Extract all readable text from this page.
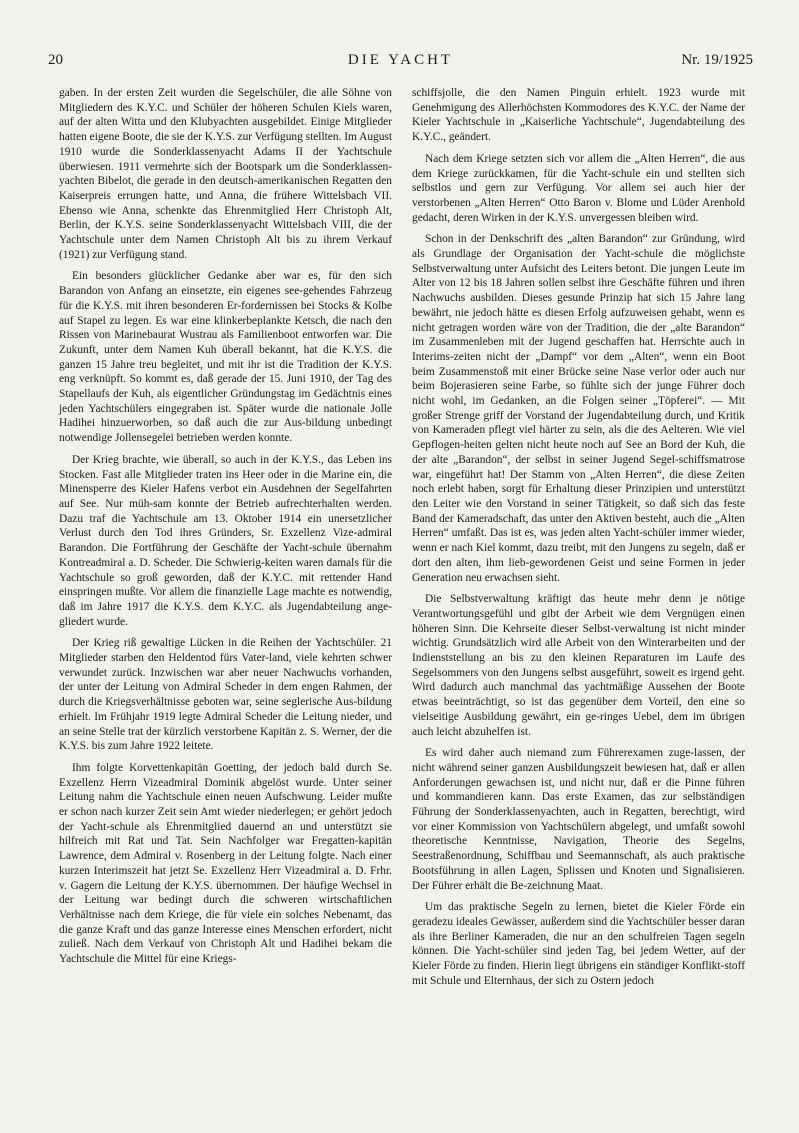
20	DIE YACHT	Nr. 19/1925

gaben. In der ersten Zeit wurden die Segelschüler, die alle Söhne von Mitgliedern des K.Y.C. und Schüler der höheren Schulen Kiels waren, auf der alten Witta und den Klubyachten ausgebildet. Einige Mitglieder hatten eigene Boote, die sie der K.Y.S. zur Verfügung stellten. Im August 1910 wurde die Sonderklassenyacht Adams II der Yachtschule überwiesen. 1911 vermehrte sich der Bootspark um die Sonderklassen-yachten Bibelot, die gerade in den deutsch-amerikanischen Regatten den Kaiserpreis errungen hatte, und Anna, die frühere Wittelsbach VII. Ebenso wie Anna, schenkte das Ehrenmitglied Herr Christoph Alt, Berlin, der K.Y.S. seine Sonderklassenyacht Wittelsbach VIII, die der Yachtschule unter dem Namen Christoph Alt bis zu ihrem Verkauf (1921) zur Verfügung stand.

Ein besonders glücklicher Gedanke aber war es, für den sich Barandon von Anfang an einsetzte, ein eigenes see-gehendes Fahrzeug für die K.Y.S. mit ihren besonderen Er-fordernissen bei Stocks & Kolbe auf Stapel zu legen. Es war eine klinkerbeplankte Ketsch, die nach den Rissen von Marinebaurat Wustrau als Familienboot entworfen war. Die Zukunft, unter dem Namen Kuh überall bekannt, hat die K.Y.S. die ganzen 15 Jahre treu begleitet, und mit ihr ist die Tradition der K.Y.S. eng verknüpft. So kommt es, daß gerade der 15. Juni 1910, der Tag des Stapellaufs der Kuh, als eigentlicher Gründungstag im Gedächtnis eines jeden Yachtschülers eingegraben ist. Später wurde die nationale Jolle Hadihei hinzuerworben, so daß auch die zur Aus-bildung unbedingt notwendige Jollensegelei betrieben werden konnte.

Der Krieg brachte, wie überall, so auch in der K.Y.S., das Leben ins Stocken. Fast alle Mitglieder traten ins Heer oder in die Marine ein, die Minensperre des Kieler Hafens verbot ein Ausdehnen der Segelfahrten auf See. Nur müh-sam konnte der Betrieb aufrechterhalten werden. Dazu traf die Yachtschule am 13. Oktober 1914 ein unersetzlicher Verlust durch den Tod ihres Gründers, Sr. Exzellenz Vize-admiral Barandon. Die Fortführung der Geschäfte der Yacht-schule übernahm Kontreadmiral a. D. Scheder. Die Schwierig-keiten waren damals für die Yachtschule so groß geworden, daß der K.Y.C. mit rettender Hand einspringen mußte. Vor allem die finanzielle Lage machte es notwendig, daß im Jahre 1917 die K.Y.S. dem K.Y.C. als Jugendabteilung ange-gliedert wurde.

Der Krieg riß gewaltige Lücken in die Reihen der Yachtschüler. 21 Mitglieder starben den Heldentod fürs Vater-land, viele kehrten schwer verwundet zurück. Inzwischen war aber neuer Nachwuchs vorhanden, der unter der Leitung von Admiral Scheder in dem engen Rahmen, der durch die Kriegsverhältnisse geboten war, seine seglerische Aus-bildung erhielt. Im Frühjahr 1919 legte Admiral Scheder die Leitung nieder, und an seine Stelle trat der kürzlich verstorbene Kapitän z. S. Werner, der die K.Y.S. bis zum Jahre 1922 leitete.

Ihm folgte Korvettenkapitän Goetting, der jedoch bald durch Se. Exzellenz Herrn Vizeadmiral Dominik abgelöst wurde. Unter seiner Leitung nahm die Yachtschule einen neuen Aufschwung. Leider mußte er schon nach kurzer Zeit sein Amt wieder niederlegen; er gehört jedoch der Yacht-schule als Ehrenmitglied dauernd an und unterstützt sie hilfreich mit Rat und Tat. Sein Nachfolger war Fregatten-kapitän Lawrence, dem Admiral v. Rosenberg in der Leitung folgte. Nach einer kurzen Interimszeit hat jetzt Se. Exzellenz Herr Vizeadmiral a. D. Frhr. v. Gagern die Leitung der K.Y.S. übernommen. Der häufige Wechsel in der Leitung war bedingt durch die schweren wirtschaftlichen Verhältnisse nach dem Kriege, die für viele ein solches Nebenamt, das die ganze Kraft und das ganze Interesse eines Menschen erfordert, nicht zuließ. Nach dem Verkauf von Christoph Alt und Hadihei bekam die Yachtschule die Mittel für eine Kriegs-

schiffsjolle, die den Namen Pinguin erhielt. 1923 wurde mit Genehmigung des Allerhöchsten Kommodores des K.Y.C. der Name der Kieler Yachtschule in „Kaiserliche Yachtschule“, Jugendabteilung des K.Y.C., geändert.

Nach dem Kriege setzten sich vor allem die „Alten Herren“, die aus dem Kriege zurückkamen, für die Yacht-schule ein und stellten sich selbstlos und gern zur Verfügung. Vor allem sei auch hier der verstorbenen „Alten Herren“ Otto Baron v. Blome und Lüder Arenhold gedacht, deren Wirken in der K.Y.S. unvergessen bleiben wird.

Schon in der Denkschrift des „alten Barandon“ zur Gründung, wird als Grundlage der Organisation der Yacht-schule die möglichste Selbstverwaltung unter Aufsicht des Leiters betont. Die jungen Leute im Alter von 12 bis 18 Jahren sollen selbst ihre Geschäfte führen und ihren Nachwuchs ausbilden. Dieses gesunde Prinzip hat sich 15 Jahre lang bewährt, nie jedoch hätte es diesen Erfolg aufzuweisen gehabt, wenn es nicht getragen worden wäre von der Tradition, die der „alte Barandon“ im Zusammenleben mit der Jugend geschaffen hat. Herrschte auch in Interims-zeiten nicht der „Dampf“ vor dem „Alten“, wenn ein Boot beim Zusammenstoß mit einer Brücke seine Nase verlor oder auch nur beim Bojerasieren seine Farbe, so fühlte sich der junge Führer doch nicht wohl, im Gedanken, an die Folgen seiner „Töpferei“. — Mit großer Strenge griff der Vorstand der Jugendabteilung durch, und Kritik von Kameraden pflegt viel härter zu sein, als die des Aelteren. Wie viel Gepflogen-heiten gelten nicht heute noch auf See an Bord der Kuh, die der alte „Barandon“, der selbst in seiner Jugend Segel-schiffsmatrose war, eingeführt hat! Der Stamm von „Alten Herren“, die diese Zeiten noch erlebt haben, sorgt für Erhaltung dieser Prinzipien und unterstützt den Leiter wie den Vorstand in seiner Tätigkeit, so daß sich das feste Band der Kameradschaft, das unter den Aktiven besteht, auch die „Alten Herren“ umfaßt. Das ist es, was jeden alten Yacht-schüler immer wieder, wenn er nach Kiel kommt, dazu treibt, mit den Jungens zu segeln, daß er dort den alten, ihm lieb-gewordenen Geist und seine Formen in jeder Generation neu erwachsen sieht.

Die Selbstverwaltung kräftigt das heute mehr denn je nötige Verantwortungsgefühl und gibt der Arbeit wie dem Vergnügen einen höheren Sinn. Die Kehrseite dieser Selbst-verwaltung ist nicht minder wichtig. Grundsätzlich wird alle Arbeit von den Winterarbeiten und der Indienststellung an bis zu den kleinen Reparaturen im Laufe des Segelsommers von den Jungens selbst ausgeführt, soweit es irgend geht. Wird dadurch auch manchmal das yachtmäßige Aussehen der Boote etwas beeinträchtigt, so ist das gegenüber dem Vorteil, den eine so vielseitige Ausbildung gewährt, ein ge-ringes Uebel, dem im übrigen auch leicht abzuhelfen ist.

Es wird daher auch niemand zum Führerexamen zuge-lassen, der nicht während seiner ganzen Ausbildungszeit bewiesen hat, daß er allen Anforderungen gewachsen ist, und nicht nur, daß er die Pinne führen und kommandieren kann. Das erste Examen, das zur selbständigen Führung der Sonderklassenyachten, auch in Regatten, berechtigt, wird vor einer Kommission von Yachtschülern abgelegt, und umfaßt sowohl theoretische Kenntnisse, Navigation, Theorie des Segelns, Seestraßenordnung, Schiffbau und Seemannschaft, als auch praktische Bootsführung in allen Lagen, Splissen und Knoten und Signalisieren. Der Führer erhält die Be-zeichnung Maat.

Um das praktische Segeln zu lernen, bietet die Kieler Förde ein geradezu ideales Gewässer, außerdem sind die Yachtschüler besser daran als ihre Berliner Kameraden, die nur an den schulfreien Tagen segeln können. Die Yacht-schüler sind jeden Tag, bei jedem Wetter, auf der Kieler Förde zu finden. Hierin liegt übrigens ein ständiger Konflikt-stoff mit Schule und Elternhaus, der sich zu Ostern jedoch
